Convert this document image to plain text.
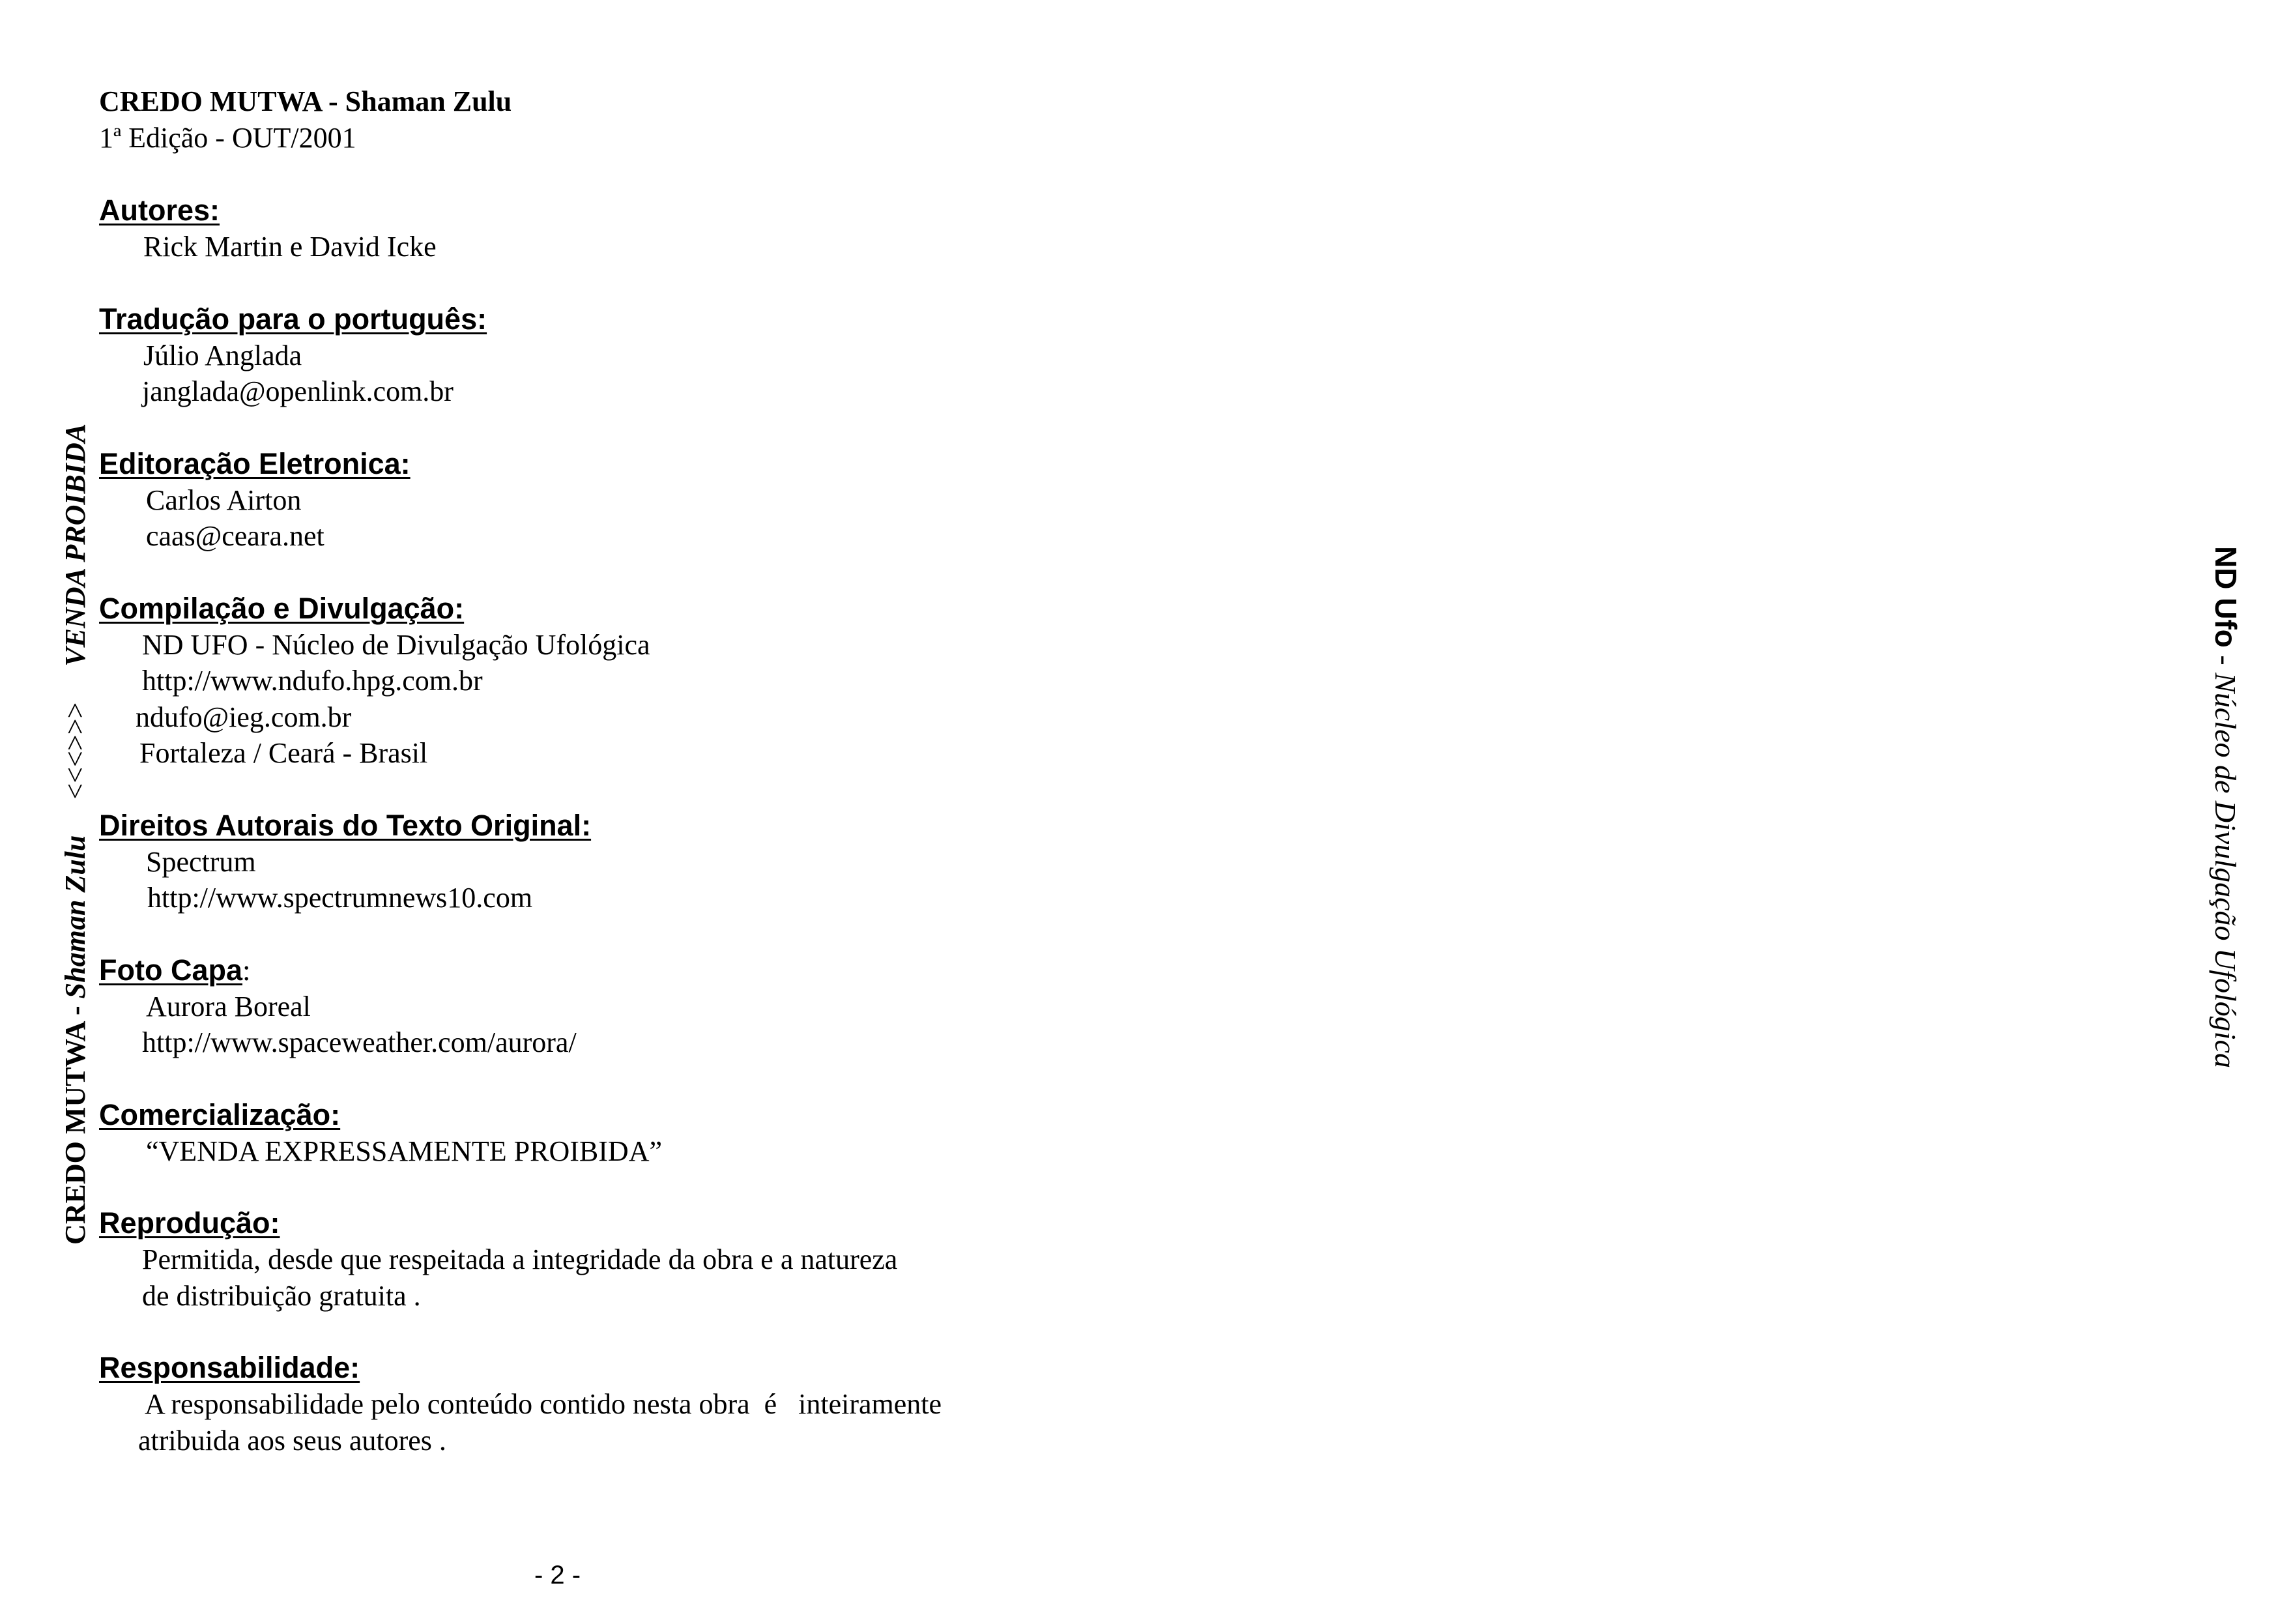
CREDO MUTWA - Shaman Zulu

1ª Edição - OUT/2001

Autores:

Rick Martin e David Icke

Tradução para o português:

Júlio Anglada

janglada@openlink.com.br

Editoração Eletronica:

Carlos Airton

caas@ceara.net

Compilação e Divulgação:

ND UFO - Núcleo de Divulgação Ufológica

http://www.ndufo.hpg.com.br

ndufo@ieg.com.br

Fortaleza / Ceará - Brasil

Direitos Autorais do Texto Original:

Spectrum

http://www.spectrumnews10.com

Foto Capa:

Aurora Boreal

http://www.spaceweather.com/aurora/

Comercialização:

“VENDA EXPRESSAMENTE PROIBIDA”

Reprodução:

Permitida, desde que respeitada a integridade da obra e a natureza

de distribuição gratuita .

Responsabilidade:

A responsabilidade pelo conteúdo contido nesta obra  é   inteiramente

atribuida aos seus autores .

CREDO MUTWA - Shaman Zulu     <<<>>>     VENDA PROIBIDA	ND Ufo - Núcleo de Divulgação Ufológica
- 2 -
